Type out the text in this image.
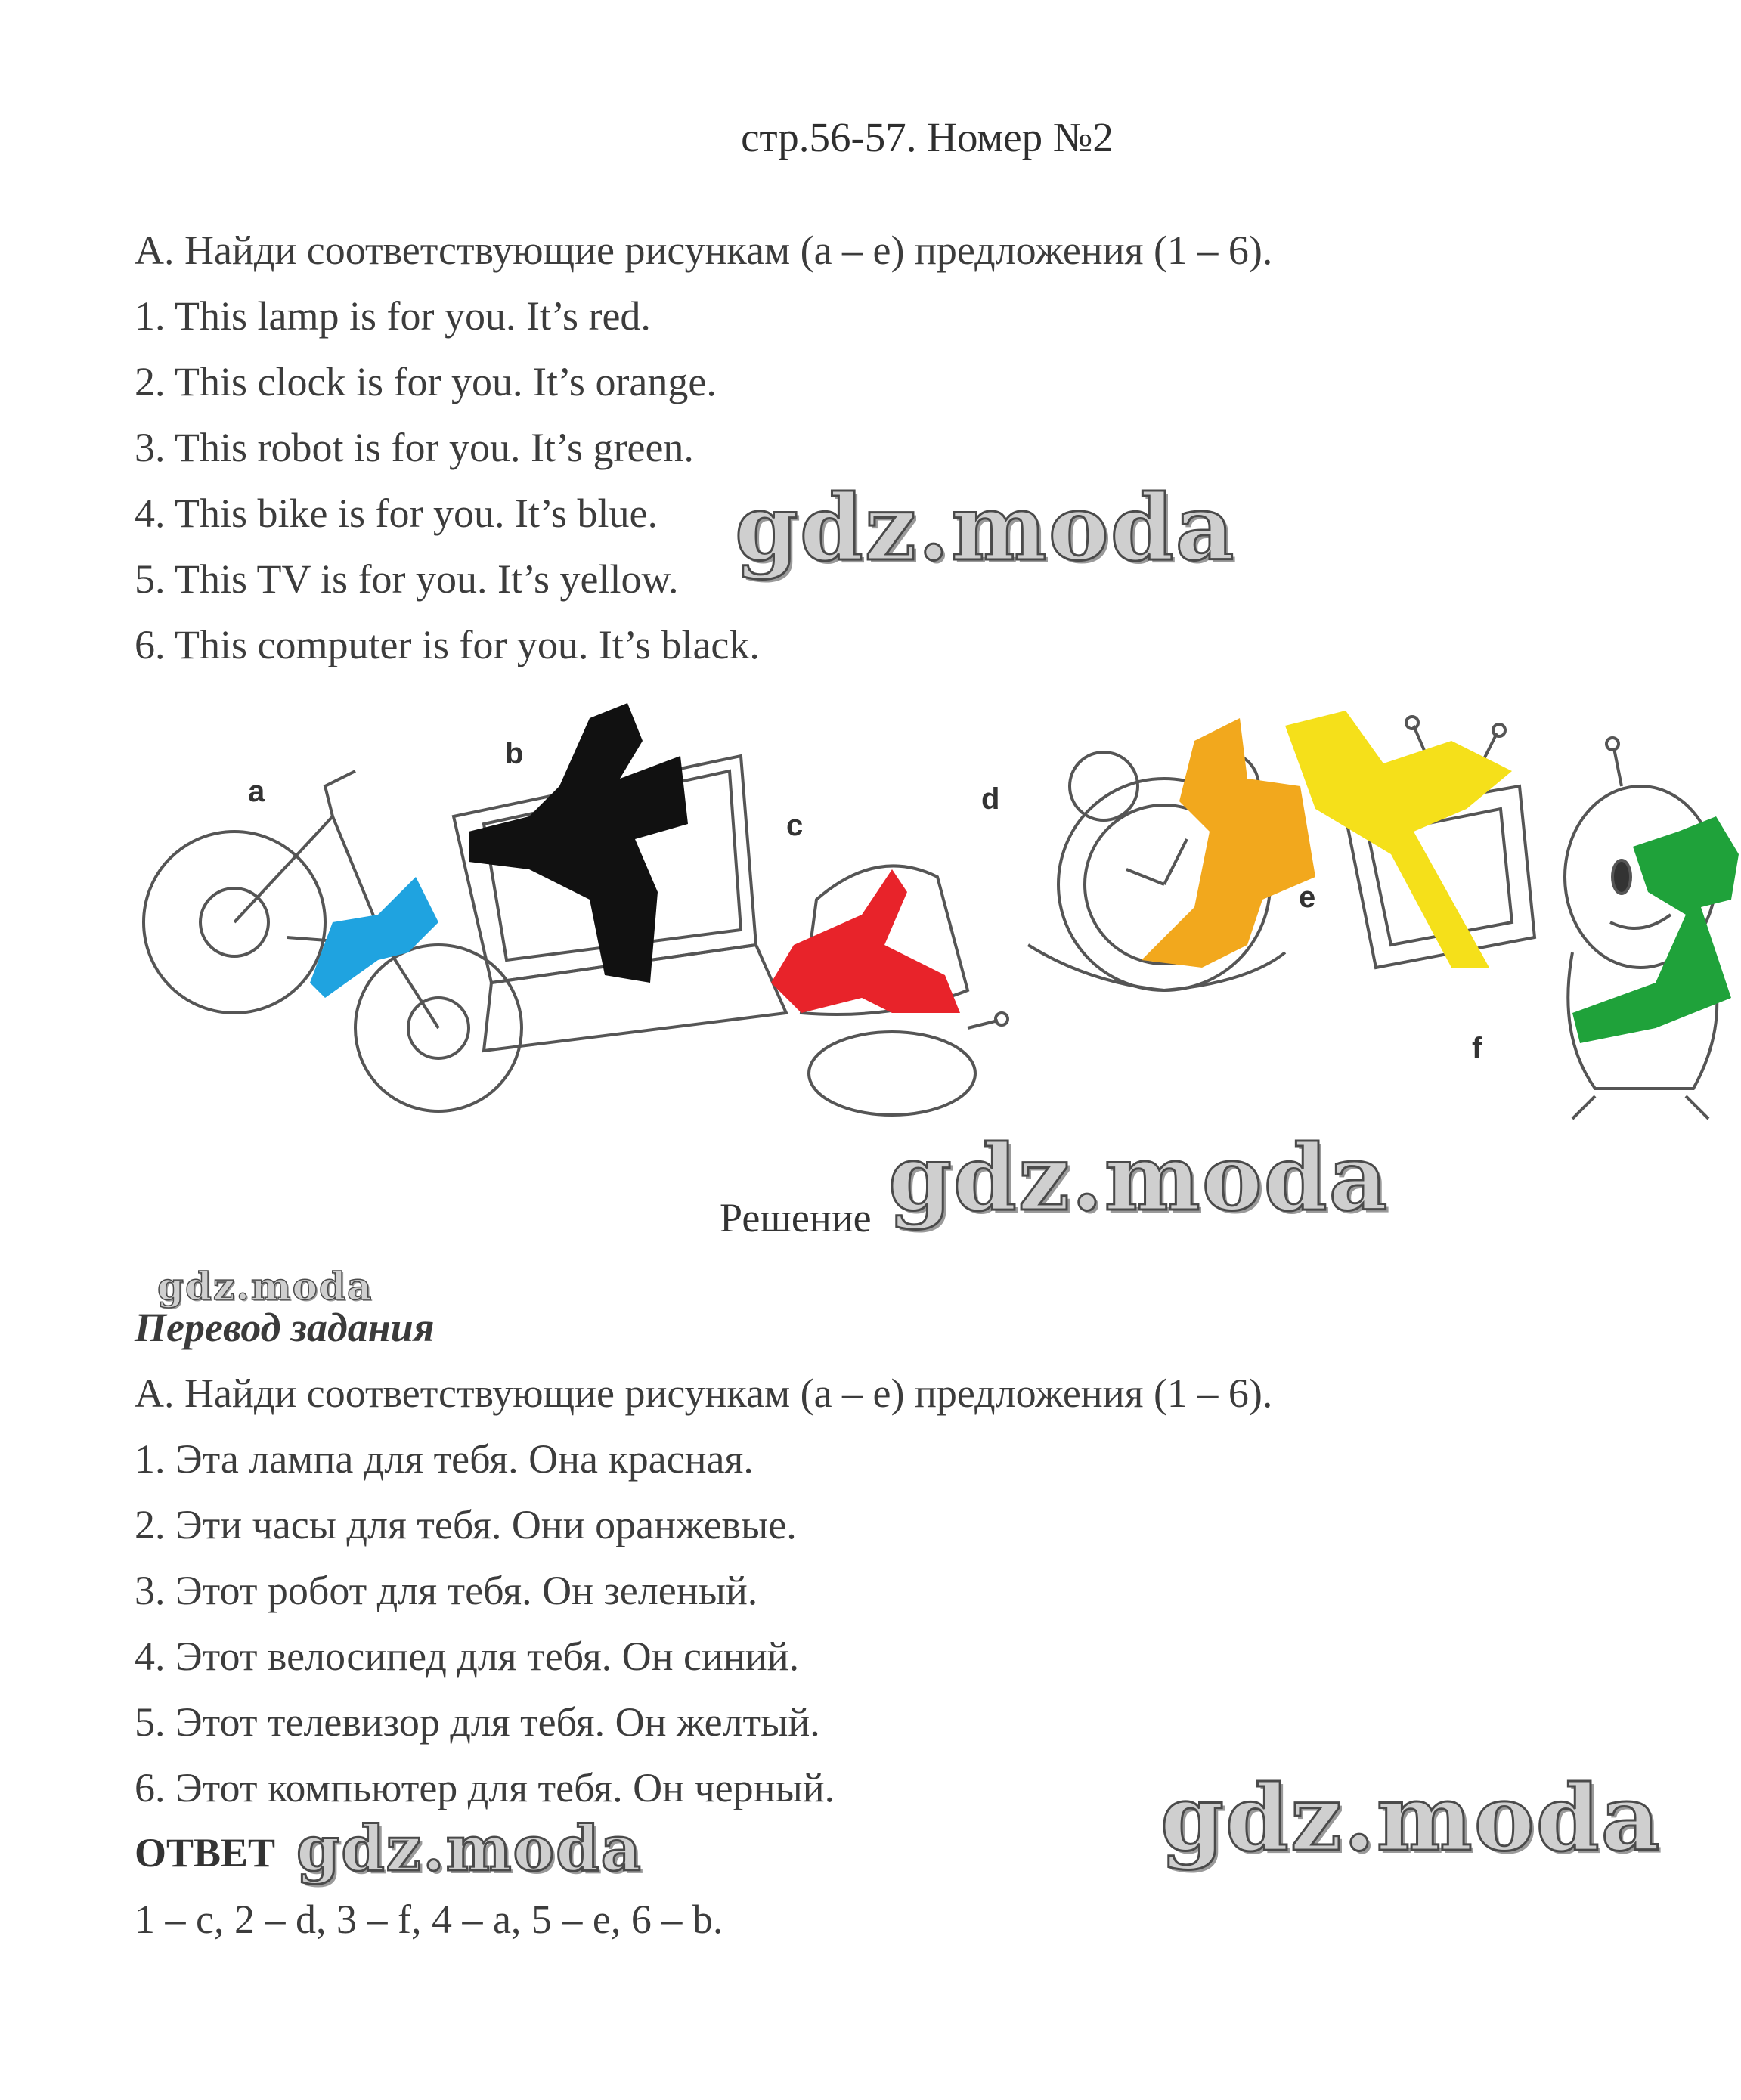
стр.56-57. Номер №2
А. Найди соответствующие рисункам (a – e) предложения (1 – 6).
1. This lamp is for you. It’s red.
2. This clock is for you. It’s orange.
3. This robot is for you. It’s green.
4. This bike is for you. It’s blue.
5. This TV is for you. It’s yellow.
6. This computer is for you. It’s black.
gdz.moda
a
b
c
d
e
f
Решение gdz.moda
gdz.moda
Перевод задания
А. Найди соответствующие рисункам (a – e) предложения (1 – 6).
1. Эта лампа для тебя. Она красная.
2. Эти часы для тебя. Они оранжевые.
3. Этот робот для тебя. Он зеленый.
4. Этот велосипед для тебя. Он синий.
5. Этот телевизор для тебя. Он желтый.
6. Этот компьютер для тебя. Он черный.
ОТВЕТ gdz.moda	gdz.moda
1 – c, 2 – d, 3 – f, 4 – a, 5 – e, 6 – b.
